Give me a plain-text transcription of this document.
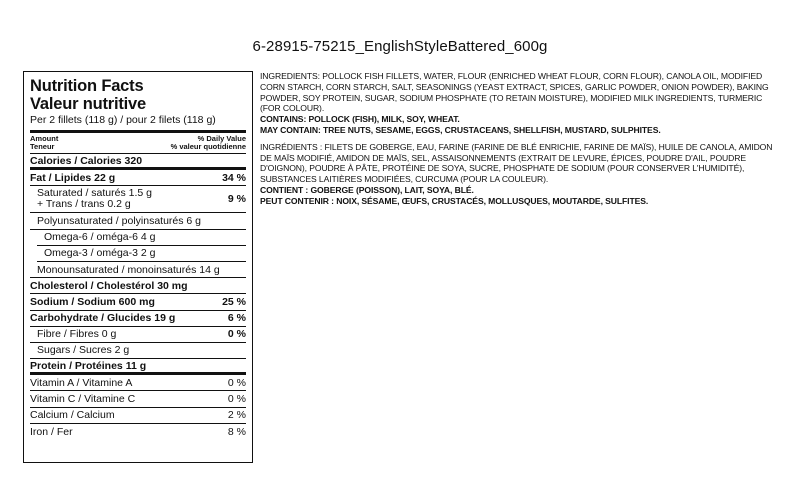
6-28915-75215_EnglishStyleBattered_600g
Nutrition Facts
Valeur nutritive
Per 2 fillets (118 g) / pour 2 filets (118 g)
Amount
Teneur
% Daily Value
% valeur quotidienne
Calories / Calories 320
Fat / Lipides 22 g	34 %
Saturated / saturés 1.5 g
+ Trans / trans 0.2 g	9 %
Polyunsaturated / polyinsaturés 6 g
Omega-6 / oméga-6 4 g
Omega-3 / oméga-3 2 g
Monounsaturated / monoinsaturés 14 g
Cholesterol / Cholestérol 30 mg
Sodium / Sodium 600 mg	25 %
Carbohydrate / Glucides 19 g	6 %
Fibre / Fibres 0 g	0 %
Sugars / Sucres 2 g
Protein / Protéines 11 g
Vitamin A / Vitamine A	0 %
Vitamin C / Vitamine C	0 %
Calcium / Calcium	2 %
Iron / Fer	8 %

INGREDIENTS: POLLOCK FISH FILLETS, WATER, FLOUR (ENRICHED WHEAT FLOUR, CORN FLOUR), CANOLA OIL, MODIFIED CORN STARCH, CORN STARCH, SALT, SEASONINGS (YEAST EXTRACT, SPICES, GARLIC POWDER, ONION POWDER), BAKING POWDER, SOY PROTEIN, SUGAR, SODIUM PHOSPHATE (TO RETAIN MOISTURE), MODIFIED MILK INGREDIENTS, TURMERIC (FOR COLOUR).

CONTAINS: POLLOCK (FISH), MILK, SOY, WHEAT.

MAY CONTAIN: TREE NUTS, SESAME, EGGS, CRUSTACEANS, SHELLFISH, MUSTARD, SULPHITES.

INGRÉDIENTS : FILETS DE GOBERGE, EAU, FARINE (FARINE DE BLÉ ENRICHIE, FARINE DE MAÏS), HUILE DE CANOLA, AMIDON DE MAÏS MODIFIÉ, AMIDON DE MAÏS, SEL, ASSAISONNEMENTS (EXTRAIT DE LEVURE, ÉPICES, POUDRE D'AIL, POUDRE D'OIGNON), POUDRE À PÂTE, PROTÉINE DE SOYA, SUCRE, PHOSPHATE DE SODIUM (POUR CONSERVER L'HUMIDITÉ), SUBSTANCES LAITIÈRES MODIFIÉES, CURCUMA (POUR LA COULEUR).

CONTIENT : GOBERGE (POISSON), LAIT, SOYA, BLÉ.

PEUT CONTENIR : NOIX, SÉSAME, ŒUFS, CRUSTACÉS, MOLLUSQUES, MOUTARDE, SULFITES.
